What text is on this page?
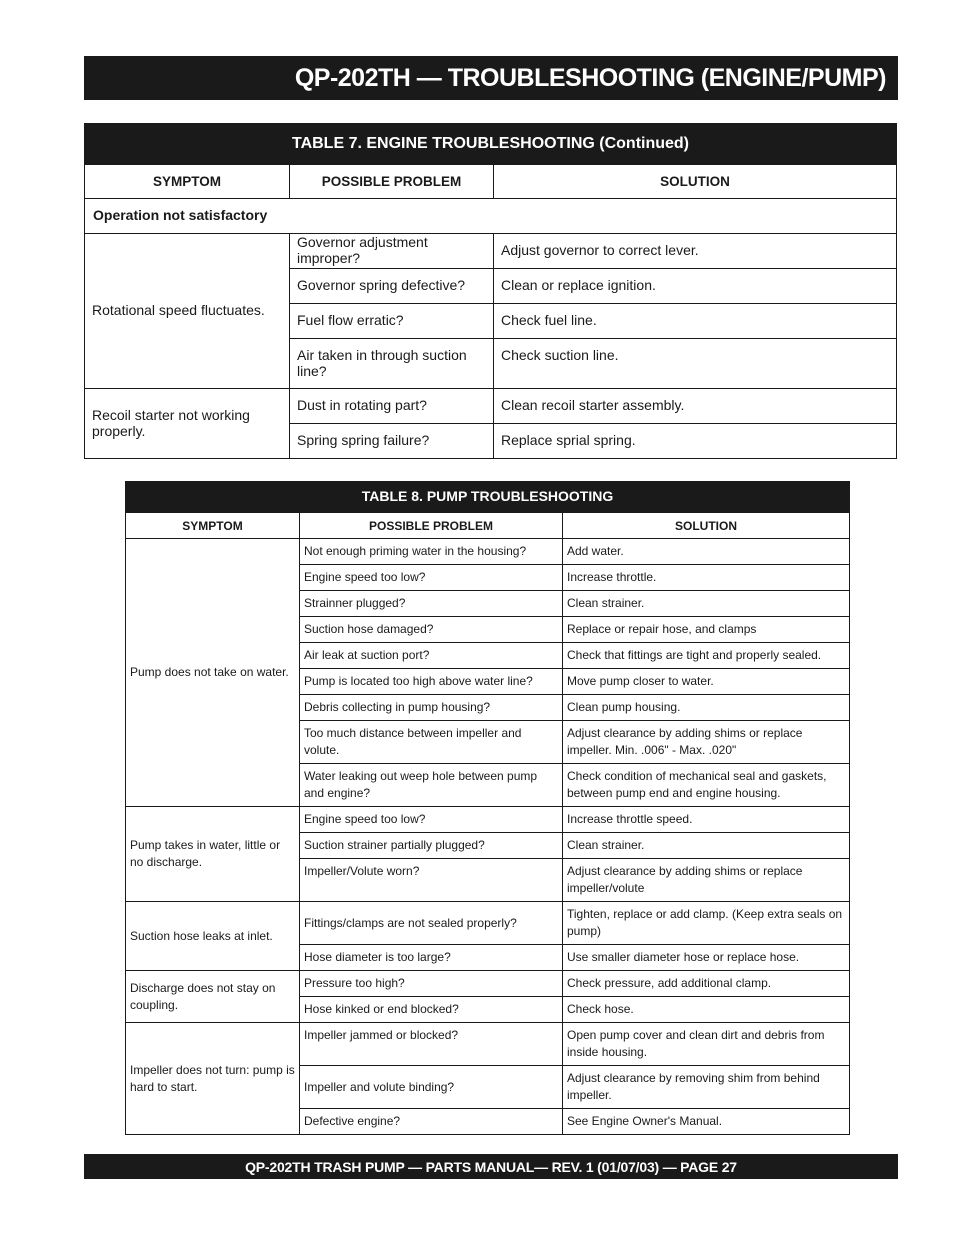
QP-202TH — TROUBLESHOOTING (ENGINE/PUMP)
TABLE 7. ENGINE TROUBLESHOOTING (Continued)		
SYMPTOM	POSSIBLE PROBLEM	SOLUTION
Operation not satisfactory		
Rotational speed fluctuates.	Governor adjustment improper?	Adjust governor to correct lever.
	Governor spring defective?	Clean or replace ignition.
	Fuel flow erratic?	Check fuel line.
	Air taken in through suction line?	Check suction line.
Recoil starter not working properly.	Dust in rotating part?	Clean recoil starter assembly.
	Spring spring failure?	Replace sprial spring.
TABLE 8. PUMP TROUBLESHOOTING		
SYMPTOM	POSSIBLE PROBLEM	SOLUTION
Pump does not take on water.	Not enough priming water in the housing?	Add water.
	Engine speed too low?	Increase throttle.
	Strainner plugged?	Clean strainer.
	Suction hose damaged?	Replace or repair hose, and clamps
	Air leak at suction port?	Check that fittings are tight and properly sealed.
	Pump is located too high above water line?	Move pump closer to water.
	Debris collecting in pump housing?	Clean pump housing.
	Too much distance between impeller and volute.	Adjust clearance by adding shims or replace impeller. Min. .006" - Max. .020"
	Water leaking out weep hole between pump and engine?	Check condition of mechanical seal and gaskets, between pump end and engine housing.
Pump takes in water, little or no discharge.	Engine speed too low?	Increase throttle speed.
	Suction strainer partially plugged?	Clean strainer.
	Impeller/Volute worn?	Adjust clearance by adding shims or replace impeller/volute
Suction hose leaks at inlet.	Fittings/clamps are not sealed properly?	Tighten, replace or add clamp. (Keep extra seals on pump)
	Hose diameter is too large?	Use smaller diameter hose or replace hose.
Discharge does not stay on coupling.	Pressure too high?	Check pressure, add additional clamp.
	Hose kinked or end blocked?	Check hose.
Impeller does not turn: pump is hard to start.	Impeller jammed or blocked?	Open pump cover and clean dirt and debris from inside housing.
	Impeller and volute binding?	Adjust clearance by removing shim from behind impeller.
	Defective engine?	See Engine Owner's Manual.
QP-202TH TRASH PUMP — PARTS MANUAL— REV. 1 (01/07/03) — PAGE 27
